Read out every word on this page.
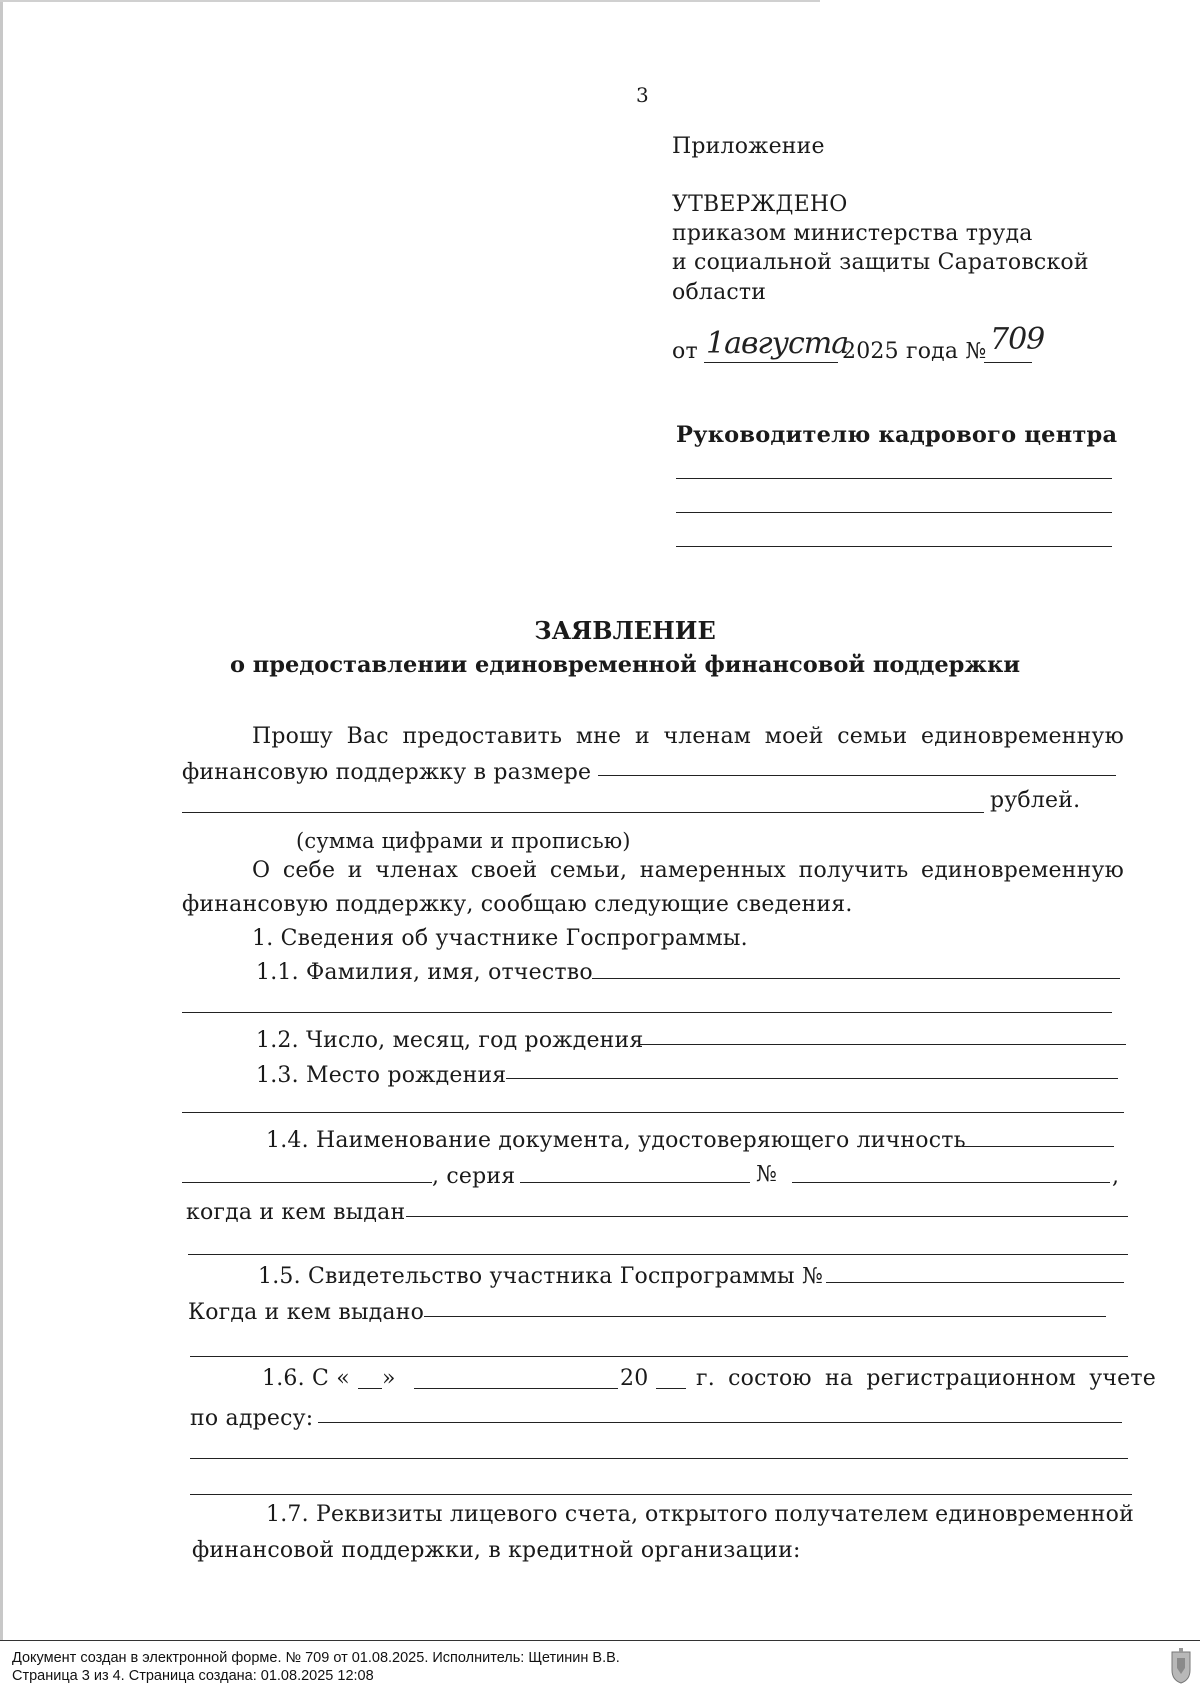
3
Приложение
УТВЕРЖДЕНО
приказом министерства труда
и социальной защиты Саратовской
области
от 1августа
2025 года № 709
Руководителю кадрового центра
ЗАЯВЛЕНИЕ
о предоставлении единовременной финансовой поддержки
Прошу Вас предоставить мне и членам моей семьи единовременную
финансовую поддержку в размере
рублей.
(сумма цифрами и прописью)
О себе и членах своей семьи, намеренных получить единовременную
финансовую поддержку, сообщаю следующие сведения.
1. Сведения об участнике Госпрограммы.
1.1. Фамилия, имя, отчество
1.2. Число, месяц, год рождения
1.3. Место рождения
1.4. Наименование документа, удостоверяющего личность
, серия	№	,
когда и кем выдан
1.5. Свидетельство участника Госпрограммы №
Когда и кем выдано
1.6. С « »	20 г. состою на регистрационном учете
по адресу:
1.7. Реквизиты лицевого счета, открытого получателем единовременной
финансовой поддержки, в кредитной организации:
Документ создан в электронной форме. № 709 от 01.08.2025. Исполнитель: Щетинин В.В.
Страница 3 из 4. Страница создана: 01.08.2025 12:08
